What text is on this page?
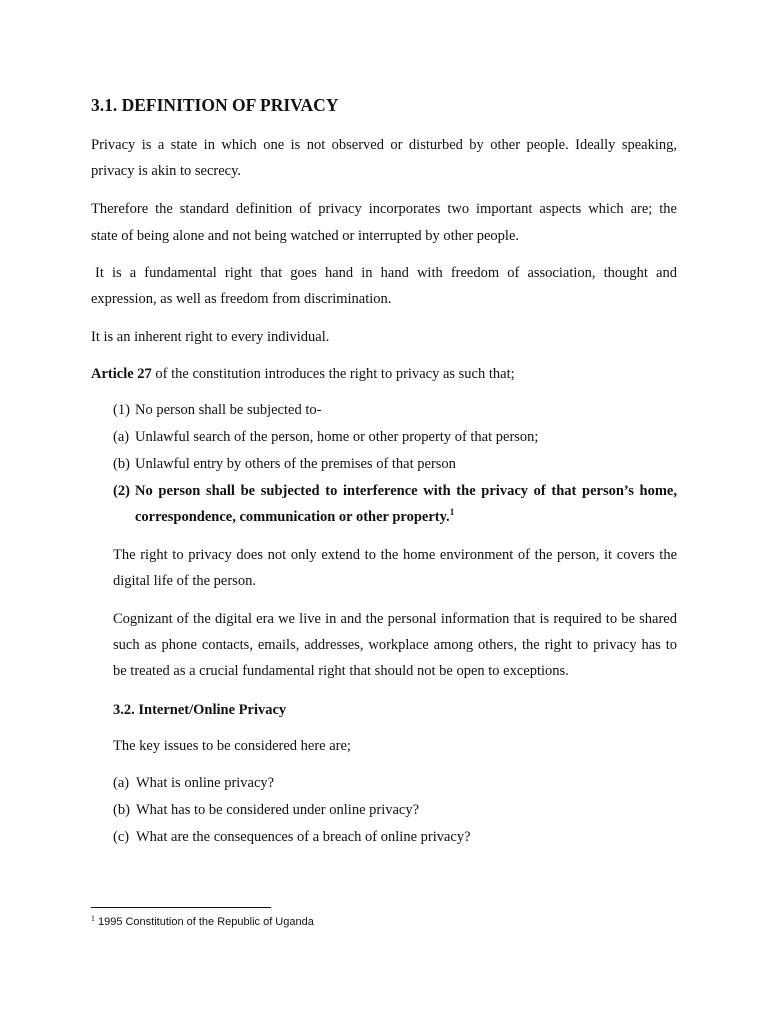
3.1. DEFINITION OF PRIVACY
Privacy is a state in which one is not observed or disturbed by other people. Ideally speaking,
privacy is akin to secrecy.
Therefore the standard definition of privacy incorporates two important aspects which are; the
state of being alone and not being watched or interrupted by other people.
It is a fundamental right that goes hand in hand with freedom of association, thought and
expression, as well as freedom from discrimination.
It is an inherent right to every individual.
Article 27 of the constitution introduces the right to privacy as such that;
(1) No person shall be subjected to-
(a) Unlawful search of the person, home or other property of that person;
(b) Unlawful entry by others of the premises of that person
(2) No person shall be subjected to interference with the privacy of that person’s home,
correspondence, communication or other property.$^1$
The right to privacy does not only extend to the home environment of the person, it covers the
digital life of the person.
Cognizant of the digital era we live in and the personal information that is required to be shared
such as phone contacts, emails, addresses, workplace among others, the right to privacy has to
be treated as a crucial fundamental right that should not be open to exceptions.
3.2. Internet/Online Privacy
The key issues to be considered here are;
(a) What is online privacy?
(b) What has to be considered under online privacy?
(c) What are the consequences of a breach of online privacy?
$^1$ 1995 Constitution of the Republic of Uganda
